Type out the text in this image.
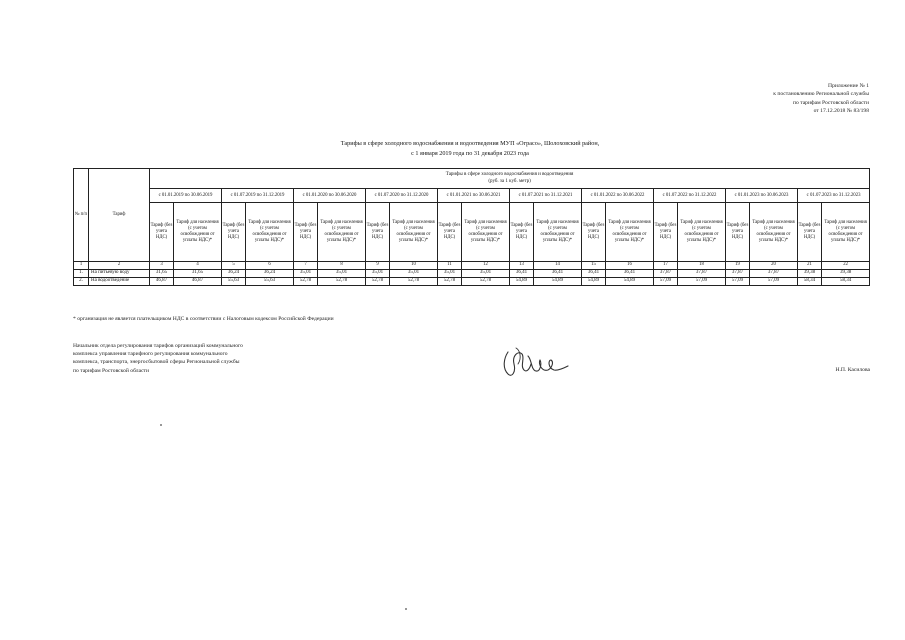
Приложение № 1
к постановлению Региональной службы
по тарифам Ростовской области
от 17.12.2018 № 83/198
Тарифы в сфере холодного водоснабжения и водоотведения МУП «Ограсо», Шолоховский район,
с 1 января 2019 года по 31 декабря 2023 года
№ п/п	Тариф	Тарифы в сфере холодного водоснабжения и водоотведения
(руб. за 1 куб. метр)																			

		с 01.01.2019 по 30.06.2019		с 01.07.2019 по 31.12.2019		с 01.01.2020 по 30.06.2020		с 01.07.2020 по 31.12.2020		с 01.01.2021 по 30.06.2021		с 01.07.2021 по 31.12.2021		с 01.01.2022 по 30.06.2022		с 01.07.2022 по 31.12.2022		с 01.01.2023 по 30.06.2023		с 01.07.2023 по 31.12.2023	
		Тариф (без учета НДС)	Тариф для населения (с учетом освобождения от уплаты НДС)*	Тариф (без учета НДС)	Тариф для населения (с учетом освобождения от уплаты НДС)*	Тариф (без учета НДС)	Тариф для населения (с учетом освобождения от уплаты НДС)*	Тариф (без учета НДС)	Тариф для населения (с учетом освобождения от уплаты НДС)*	Тариф (без учета НДС)	Тариф для населения (с учетом освобождения от уплаты НДС)*	Тариф (без учета НДС)	Тариф для населения (с учетом освобождения от уплаты НДС)*	Тариф (без учета НДС)	Тариф для населения (с учетом освобождения от уплаты НДС)*	Тариф (без учета НДС)	Тариф для населения (с учетом освобождения от уплаты НДС)*	Тариф (без учета НДС)	Тариф для населения (с учетом освобождения от уплаты НДС)*	Тариф (без учета НДС)	Тариф для населения (с учетом освобождения от уплаты НДС)*
1	2	3	4	5	6	7	8	9	10	11	12	13	14	15	16	17	18	19	20	21	22
1.	На питьевую воду	31,65	31,65	36,24	36,24	35,01	35,01	35,01	35,01	35,01	35,01	36,41	36,41	36,41	36,41	37,87	37,87	37,87	37,87	39,38	39,38
2.	На водоотведение	46,87	46,87	55,63	55,63	52,78	52,78	52,78	52,78	52,78	52,78	54,89	54,89	54,89	54,89	57,09	57,09	57,09	57,09	58,34	58,34
* организация не является плательщиком НДС в соответствии с Налоговым кодексом Российской Федерации
Начальник отдела регулирования тарифов организаций коммунального
комплекса управления тарифного регулирования коммунального
комплекса, транспорта, энергосбытовой сферы Региональной службы
по тарифам Ростовской области	Н.П. Касилова
